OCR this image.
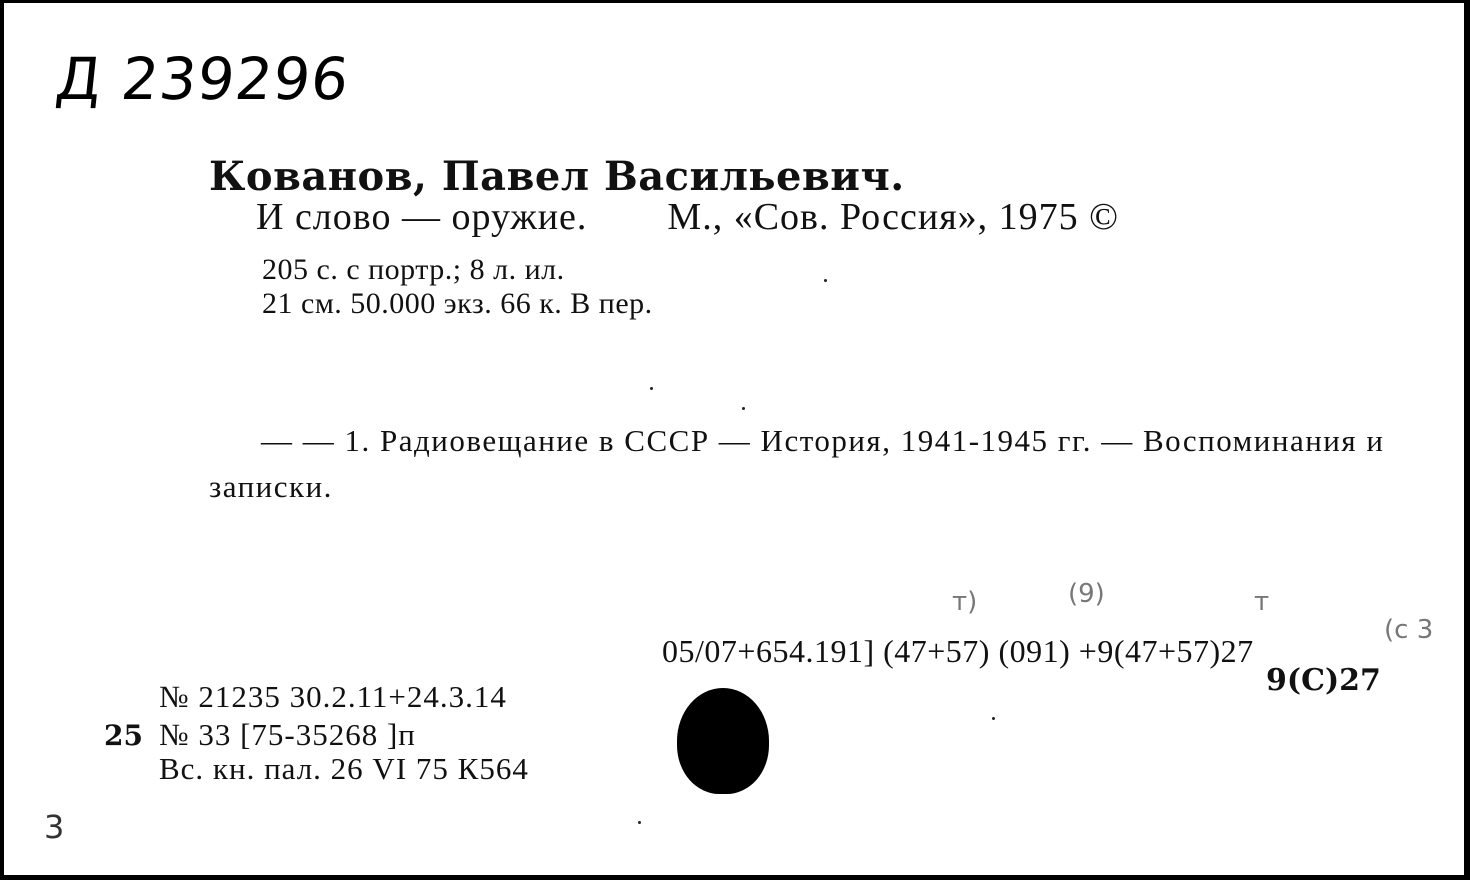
Д 239296
Кованов, Павел Васильевич.
И слово — оружие. М., «Сов. Россия», 1975 ©
205 с. с портр.; 8 л. ил.
21 см. 50.000 экз. 66 к. В пер.
— — 1. Радиовещание в СССР — История, 1941-1945 гг. — Воспоминания и записки.
т)	(9)	т
(с 3
05/07+654.191] (47+57) (091) +9(47+57)27
9(С)27
№ 21235 30.2.11+24.3.14
25 № 33 [75-35268 ]п
Вс. кн. пал. 26 VI 75 К564
3
